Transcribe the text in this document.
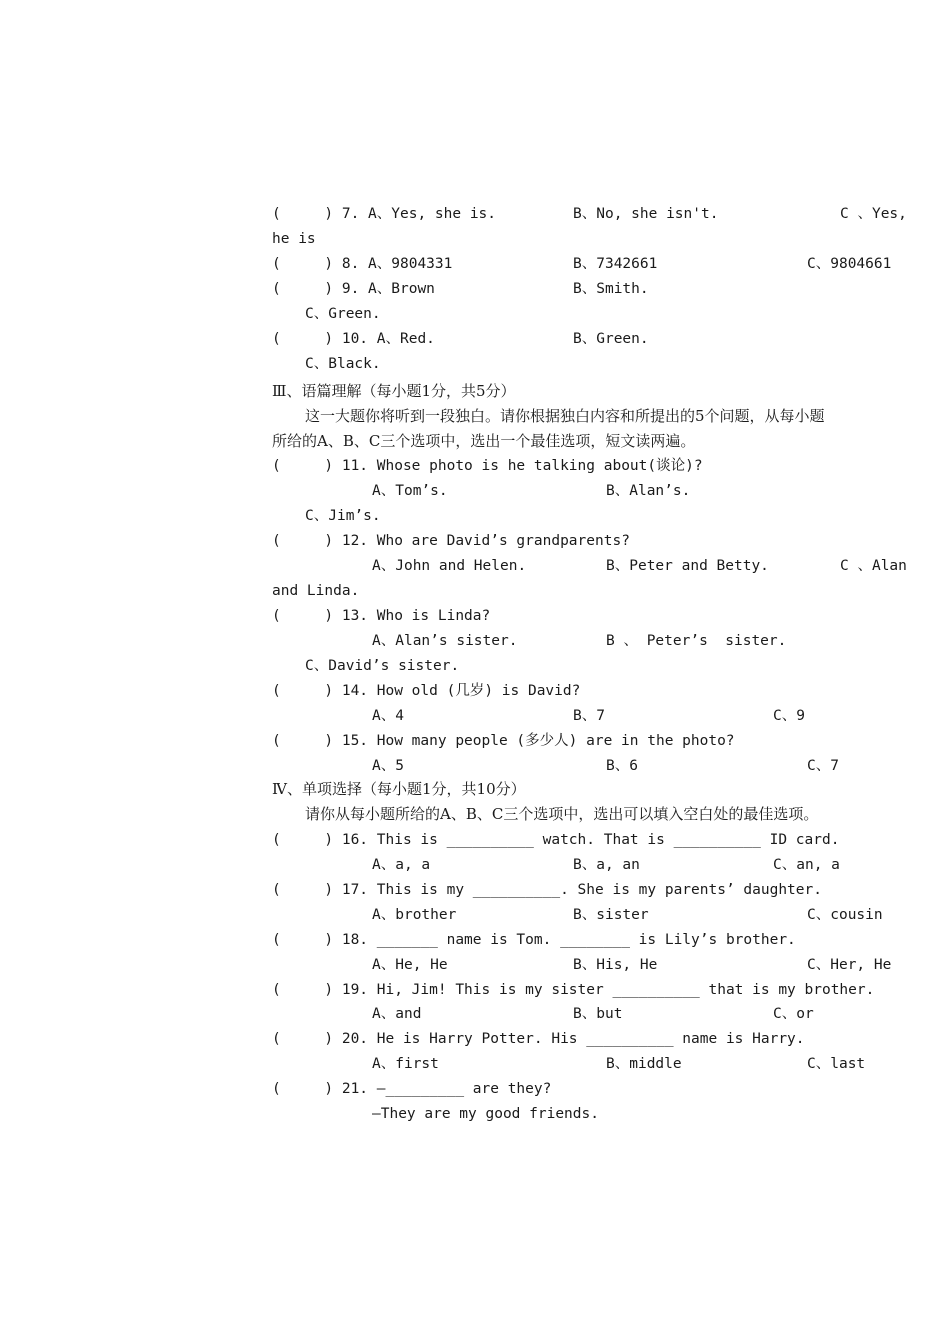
(     ) 7. A、Yes, she is.	B、No, she isn't.	C 、Yes,
he is
(     ) 8. A、9804331	B、7342661	C、9804661
(     ) 9. A、Brown	B、Smith.
C、Green.
(     ) 10. A、Red.	B、Green.
C、Black.
Ⅲ、语篇理解（每小题1分，共5分）
这一大题你将听到一段独白。请你根据独白内容和所提出的5个问题，从每小题
所给的A、B、C三个选项中，选出一个最佳选项，短文读两遍。
(     ) 11. Whose photo is he talking about(谈论)?
A、Tom’s.	B、Alan’s.
C、Jim’s.
(     ) 12. Who are David’s grandparents?
A、John and Helen.	B、Peter and Betty.	C 、Alan
and Linda.
(     ) 13. Who is Linda?
A、Alan’s sister.	B 、 Peter’s  sister.
C、David’s sister.
(     ) 14. How old (几岁) is David?
A、4	B、7	C、9
(     ) 15. How many people (多少人) are in the photo?
A、5	B、6	C、7
Ⅳ、单项选择（每小题1分，共10分）
请你从每小题所给的A、B、C三个选项中，选出可以填入空白处的最佳选项。
(     ) 16. This is __________ watch. That is __________ ID card.
A、a, a	B、a, an	C、an, a
(     ) 17. This is my __________. She is my parents’ daughter.
A、brother	B、sister	C、cousin
(     ) 18. _______ name is Tom. ________ is Lily’s brother.
A、He, He	B、His, He	C、Her, He
(     ) 19. Hi, Jim! This is my sister __________ that is my brother.
A、and	B、but	C、or
(     ) 20. He is Harry Potter. His __________ name is Harry.
A、first	B、middle	C、last
(     ) 21. —_________ are they?
—They are my good friends.
